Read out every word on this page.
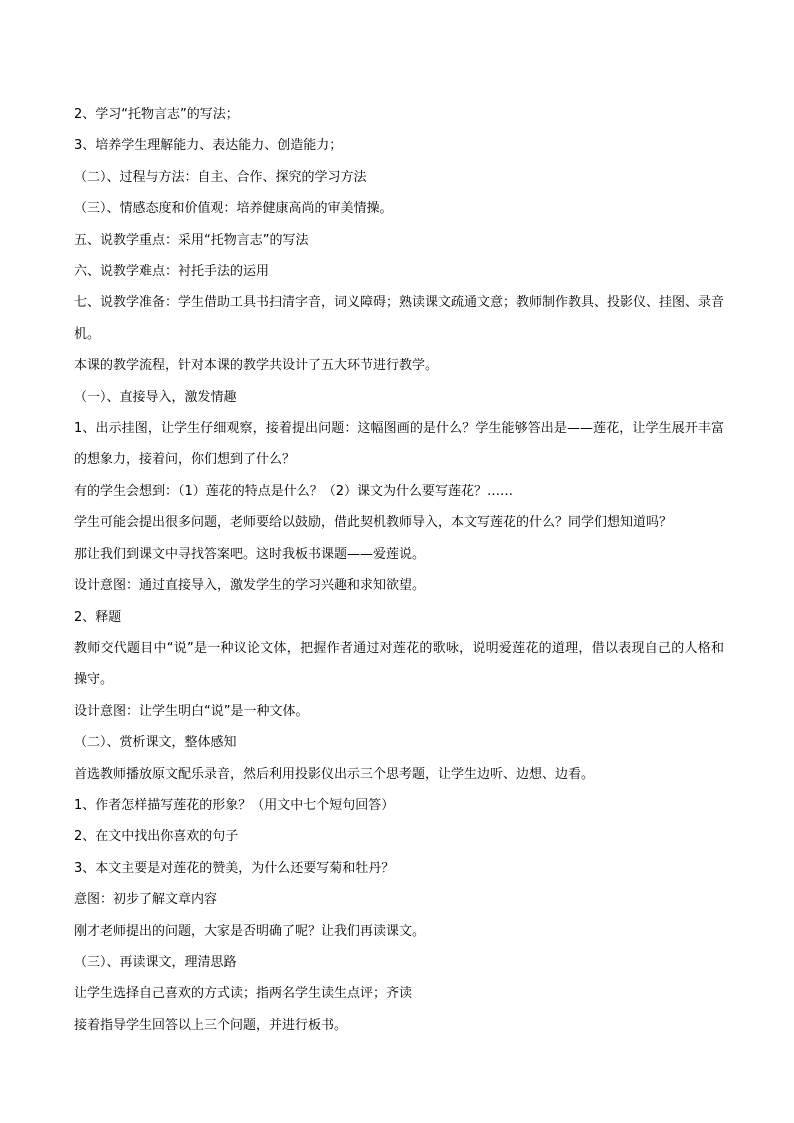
2、学习“托物言志”的写法；

3、培养学生理解能力、表达能力、创造能力；

（二）、过程与方法：自主、合作、探究的学习方法

（三）、情感态度和价值观：培养健康高尚的审美情操。

五、说教学重点：采用“托物言志”的写法

六、说教学难点：衬托手法的运用

七、说教学准备：学生借助工具书扫清字音，词义障碍；熟读课文疏通文意；教师制作教具、投影仪、挂图、录音机。

本课的教学流程，针对本课的教学共设计了五大环节进行教学。

（一）、直接导入，激发情趣

1、出示挂图，让学生仔细观察，接着提出问题：这幅图画的是什么？学生能够答出是——莲花，让学生展开丰富的想象力，接着问，你们想到了什么？

有的学生会想到：（1）莲花的特点是什么？（2）课文为什么要写莲花？……

学生可能会提出很多问题，老师要给以鼓励，借此契机教师导入，本文写莲花的什么？同学们想知道吗？

那让我们到课文中寻找答案吧。这时我板书课题——爱莲说。

设计意图：通过直接导入，激发学生的学习兴趣和求知欲望。

2、释题

教师交代题目中“说”是一种议论文体，把握作者通过对莲花的歌咏，说明爱莲花的道理，借以表现自己的人格和操守。

设计意图：让学生明白“说”是一种文体。

（二）、赏析课文，整体感知

首选教师播放原文配乐录音，然后利用投影仪出示三个思考题，让学生边听、边想、边看。

1、作者怎样描写莲花的形象？（用文中七个短句回答）

2、在文中找出你喜欢的句子

3、本文主要是对莲花的赞美，为什么还要写菊和牡丹？

意图：初步了解文章内容

刚才老师提出的问题，大家是否明确了呢？让我们再读课文。

（三）、再读课文，理清思路

让学生选择自己喜欢的方式读；指两名学生读生点评；齐读

接着指导学生回答以上三个问题，并进行板书。
